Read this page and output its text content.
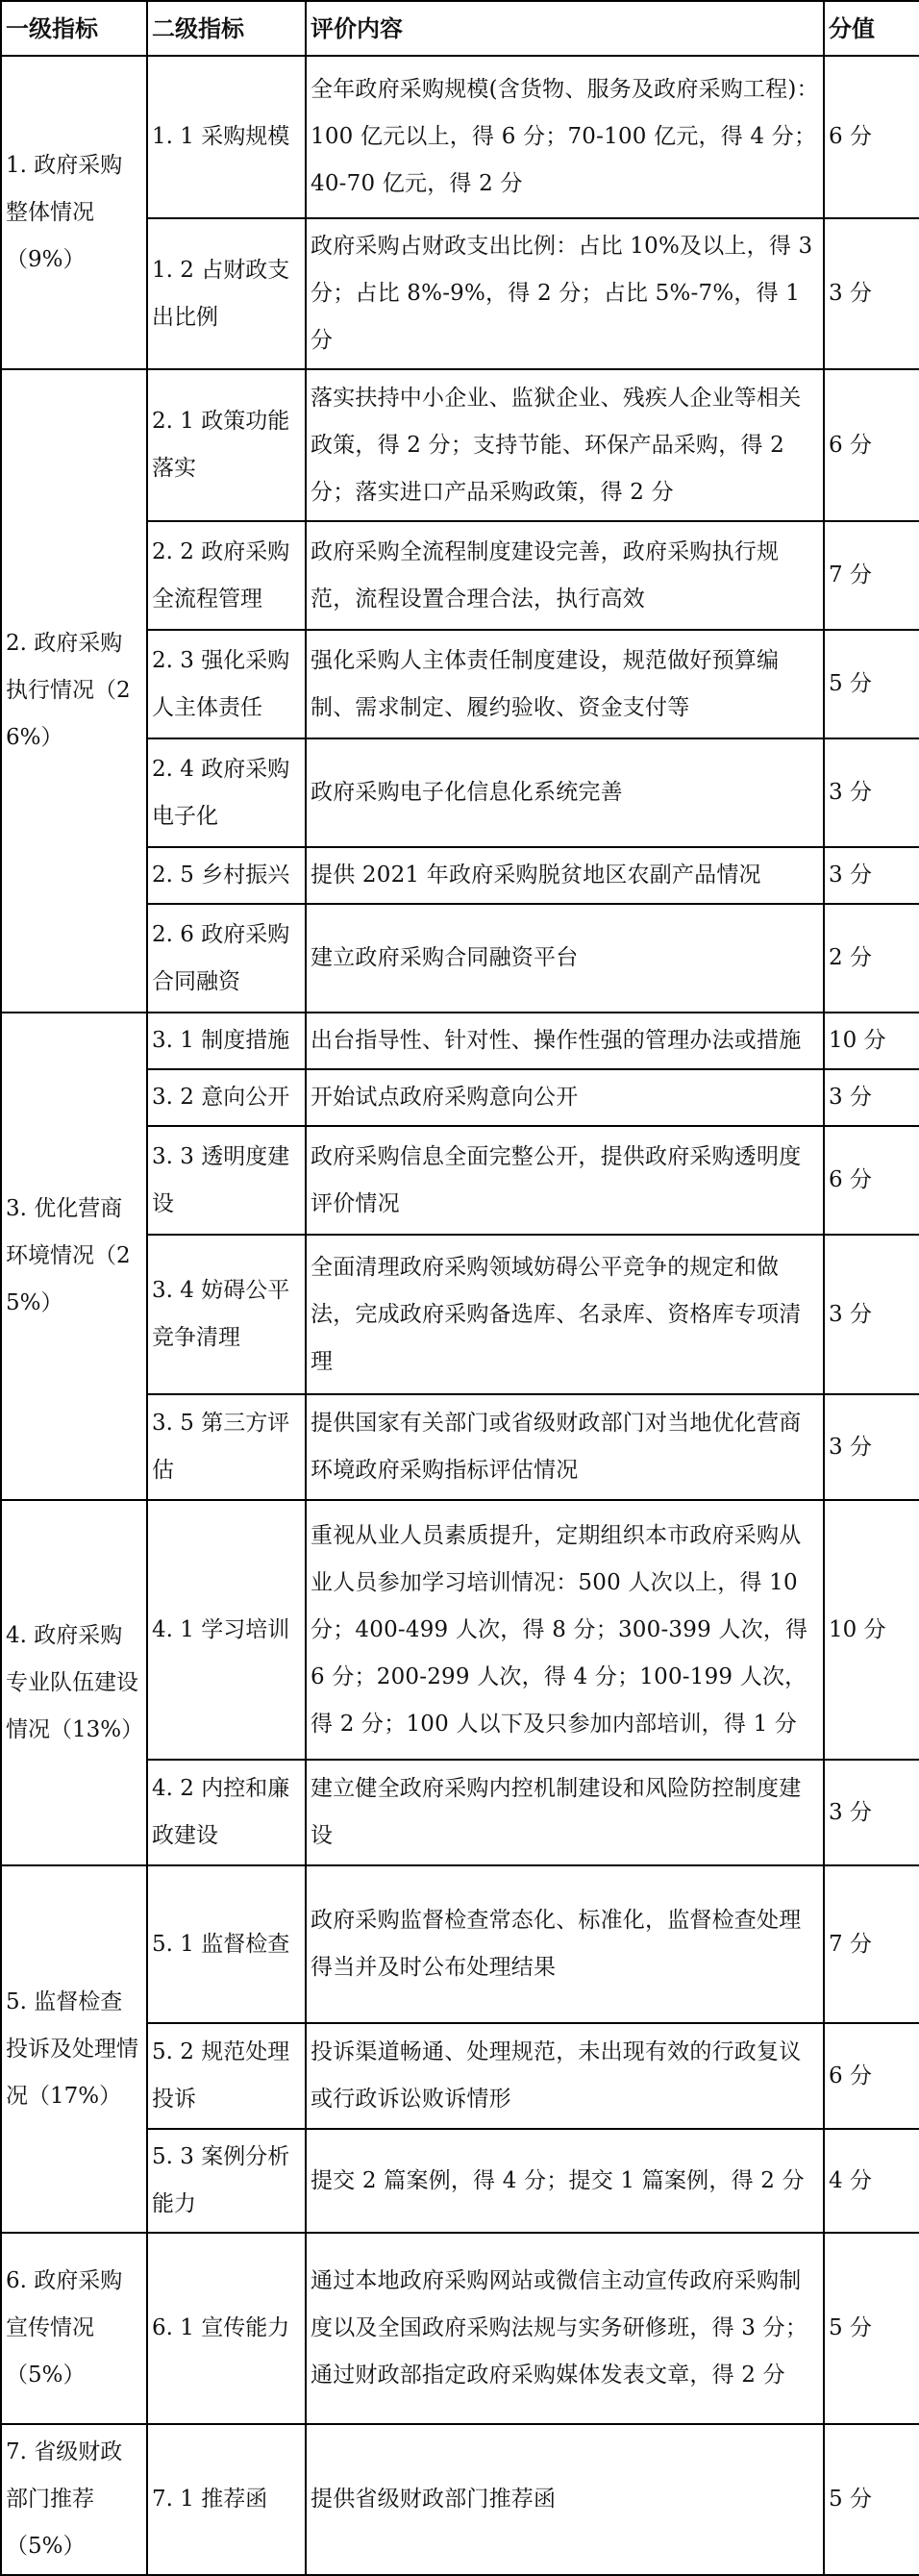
一级指标	二级指标	评价内容	分值
1. 政府采购整体情况（9%）	1. 1 采购规模	全年政府采购规模(含货物、服务及政府采购工程)：100 亿元以上，得 6 分；70-100 亿元，得 4 分；40-70 亿元，得 2 分	6 分
	1. 2 占财政支出比例	政府采购占财政支出比例：占比 10%及以上，得 3 分；占比 8%-9%，得 2 分；占比 5%-7%，得 1 分	3 分
2. 政府采购执行情况（26%）	2. 1 政策功能落实	落实扶持中小企业、监狱企业、残疾人企业等相关政策，得 2 分；支持节能、环保产品采购，得 2 分；落实进口产品采购政策，得 2 分	6 分
	2. 2 政府采购全流程管理	政府采购全流程制度建设完善，政府采购执行规范，流程设置合理合法，执行高效	7 分
	2. 3 强化采购人主体责任	强化采购人主体责任制度建设，规范做好预算编制、需求制定、履约验收、资金支付等	5 分
	2. 4 政府采购电子化	政府采购电子化信息化系统完善	3 分
	2. 5 乡村振兴	提供 2021 年政府采购脱贫地区农副产品情况	3 分
	2. 6 政府采购合同融资	建立政府采购合同融资平台	2 分
3. 优化营商环境情况（25%）	3. 1 制度措施	出台指导性、针对性、操作性强的管理办法或措施	10 分
	3. 2 意向公开	开始试点政府采购意向公开	3 分
	3. 3 透明度建设	政府采购信息全面完整公开，提供政府采购透明度评价情况	6 分
	3. 4 妨碍公平竞争清理	全面清理政府采购领域妨碍公平竞争的规定和做法，完成政府采购备选库、名录库、资格库专项清理	3 分
	3. 5 第三方评估	提供国家有关部门或省级财政部门对当地优化营商环境政府采购指标评估情况	3 分
4. 政府采购专业队伍建设情况（13%）	4. 1 学习培训	重视从业人员素质提升，定期组织本市政府采购从业人员参加学习培训情况：500 人次以上，得 10 分；400-499 人次，得 8 分；300-399 人次，得 6 分；200-299 人次，得 4 分；100-199 人次，得 2 分；100 人以下及只参加内部培训，得 1 分	10 分
	4. 2 内控和廉政建设	建立健全政府采购内控机制建设和风险防控制度建设	3 分
5. 监督检查投诉及处理情况（17%）	5. 1 监督检查	政府采购监督检查常态化、标准化，监督检查处理得当并及时公布处理结果	7 分
	5. 2 规范处理投诉	投诉渠道畅通、处理规范，未出现有效的行政复议或行政诉讼败诉情形	6 分
	5. 3 案例分析能力	提交 2 篇案例，得 4 分；提交 1 篇案例，得 2 分	4 分
6. 政府采购宣传情况（5%）	6. 1 宣传能力	通过本地政府采购网站或微信主动宣传政府采购制度以及全国政府采购法规与实务研修班，得 3 分；通过财政部指定政府采购媒体发表文章，得 2 分	5 分
7. 省级财政部门推荐（5%）	7. 1 推荐函	提供省级财政部门推荐函	5 分
